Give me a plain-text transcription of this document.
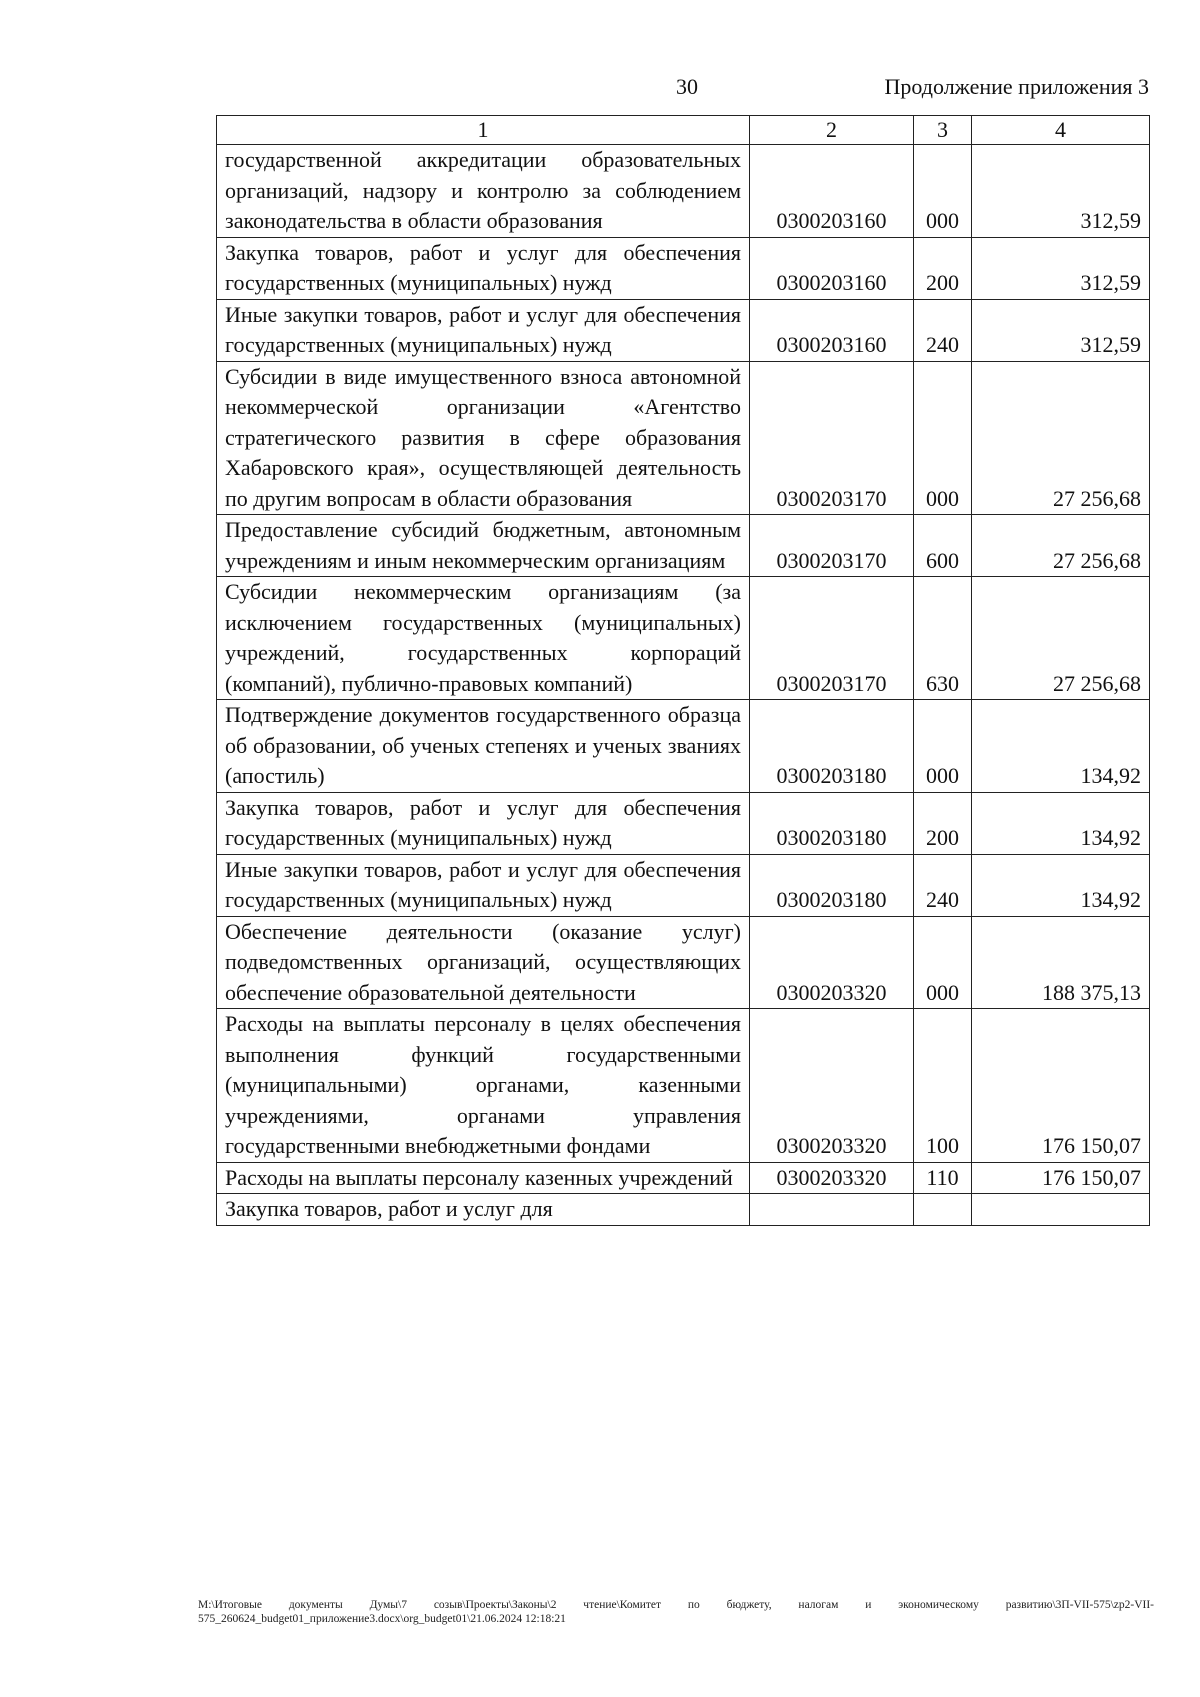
30	Продолжение приложения 3
1	2	3	4
государственной аккредитации образовательных организаций, надзору и контролю за соблюдением законодательства в области образования	0300203160	000	312,59
Закупка товаров, работ и услуг для обеспечения государственных (муниципальных) нужд	0300203160	200	312,59
Иные закупки товаров, работ и услуг для обеспечения государственных (муниципальных) нужд	0300203160	240	312,59
Субсидии в виде имущественного взноса автономной некоммерческой организации «Агентство стратегического развития в сфере образования Хабаровского края», осуществляющей деятельность по другим вопросам в области образования	0300203170	000	27 256,68
Предоставление субсидий бюджетным, автономным учреждениям и иным некоммерческим организациям	0300203170	600	27 256,68
Субсидии некоммерческим организациям (за исключением государственных (муниципальных) учреждений, государственных корпораций (компаний), публично-правовых компаний)	0300203170	630	27 256,68
Подтверждение документов государственного образца об образовании, об ученых степенях и ученых званиях (апостиль)	0300203180	000	134,92
Закупка товаров, работ и услуг для обеспечения государственных (муниципальных) нужд	0300203180	200	134,92
Иные закупки товаров, работ и услуг для обеспечения государственных (муниципальных) нужд	0300203180	240	134,92
Обеспечение деятельности (оказание услуг) подведомственных организаций, осуществляющих обеспечение образовательной деятельности	0300203320	000	188 375,13
Расходы на выплаты персоналу в целях обеспечения выполнения функций государственными (муниципальными) органами, казенными учреждениями, органами управления государственными внебюджетными фондами	0300203320	100	176 150,07
Расходы на выплаты персоналу казенных учреждений	0300203320	110	176 150,07
Закупка товаров, работ и услуг для			
M:\Итоговые документы Думы\7 созыв\Проекты\Законы\2 чтение\Комитет по бюджету, налогам и экономическому развитию\3П-VII-575\zp2-VII-575_260624_budget01_приложение3.docx\org_budget01\21.06.2024 12:18:21
